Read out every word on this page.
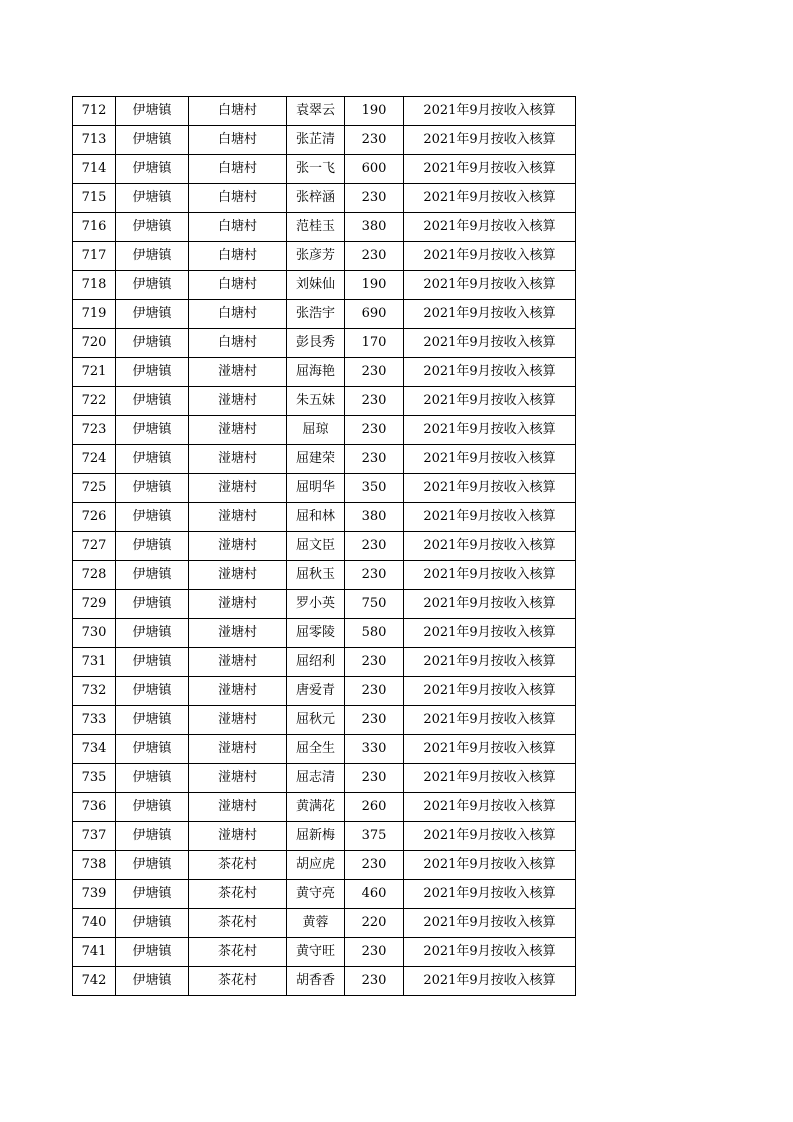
712	伊塘镇	白塘村	袁翠云	190	2021年9月按收入核算
713	伊塘镇	白塘村	张芷清	230	2021年9月按收入核算
714	伊塘镇	白塘村	张一飞	600	2021年9月按收入核算
715	伊塘镇	白塘村	张梓涵	230	2021年9月按收入核算
716	伊塘镇	白塘村	范桂玉	380	2021年9月按收入核算
717	伊塘镇	白塘村	张彦芳	230	2021年9月按收入核算
718	伊塘镇	白塘村	刘妹仙	190	2021年9月按收入核算
719	伊塘镇	白塘村	张浩宇	690	2021年9月按收入核算
720	伊塘镇	白塘村	彭艮秀	170	2021年9月按收入核算
721	伊塘镇	湴塘村	屈海艳	230	2021年9月按收入核算
722	伊塘镇	湴塘村	朱五妹	230	2021年9月按收入核算
723	伊塘镇	湴塘村	屈琼	230	2021年9月按收入核算
724	伊塘镇	湴塘村	屈建荣	230	2021年9月按收入核算
725	伊塘镇	湴塘村	屈明华	350	2021年9月按收入核算
726	伊塘镇	湴塘村	屈和林	380	2021年9月按收入核算
727	伊塘镇	湴塘村	屈文臣	230	2021年9月按收入核算
728	伊塘镇	湴塘村	屈秋玉	230	2021年9月按收入核算
729	伊塘镇	湴塘村	罗小英	750	2021年9月按收入核算
730	伊塘镇	湴塘村	屈零陵	580	2021年9月按收入核算
731	伊塘镇	湴塘村	屈绍利	230	2021年9月按收入核算
732	伊塘镇	湴塘村	唐爱青	230	2021年9月按收入核算
733	伊塘镇	湴塘村	屈秋元	230	2021年9月按收入核算
734	伊塘镇	湴塘村	屈全生	330	2021年9月按收入核算
735	伊塘镇	湴塘村	屈志清	230	2021年9月按收入核算
736	伊塘镇	湴塘村	黄满花	260	2021年9月按收入核算
737	伊塘镇	湴塘村	屈新梅	375	2021年9月按收入核算
738	伊塘镇	茶花村	胡应虎	230	2021年9月按收入核算
739	伊塘镇	茶花村	黄守亮	460	2021年9月按收入核算
740	伊塘镇	茶花村	黄蓉	220	2021年9月按收入核算
741	伊塘镇	茶花村	黄守旺	230	2021年9月按收入核算
742	伊塘镇	茶花村	胡香香	230	2021年9月按收入核算
